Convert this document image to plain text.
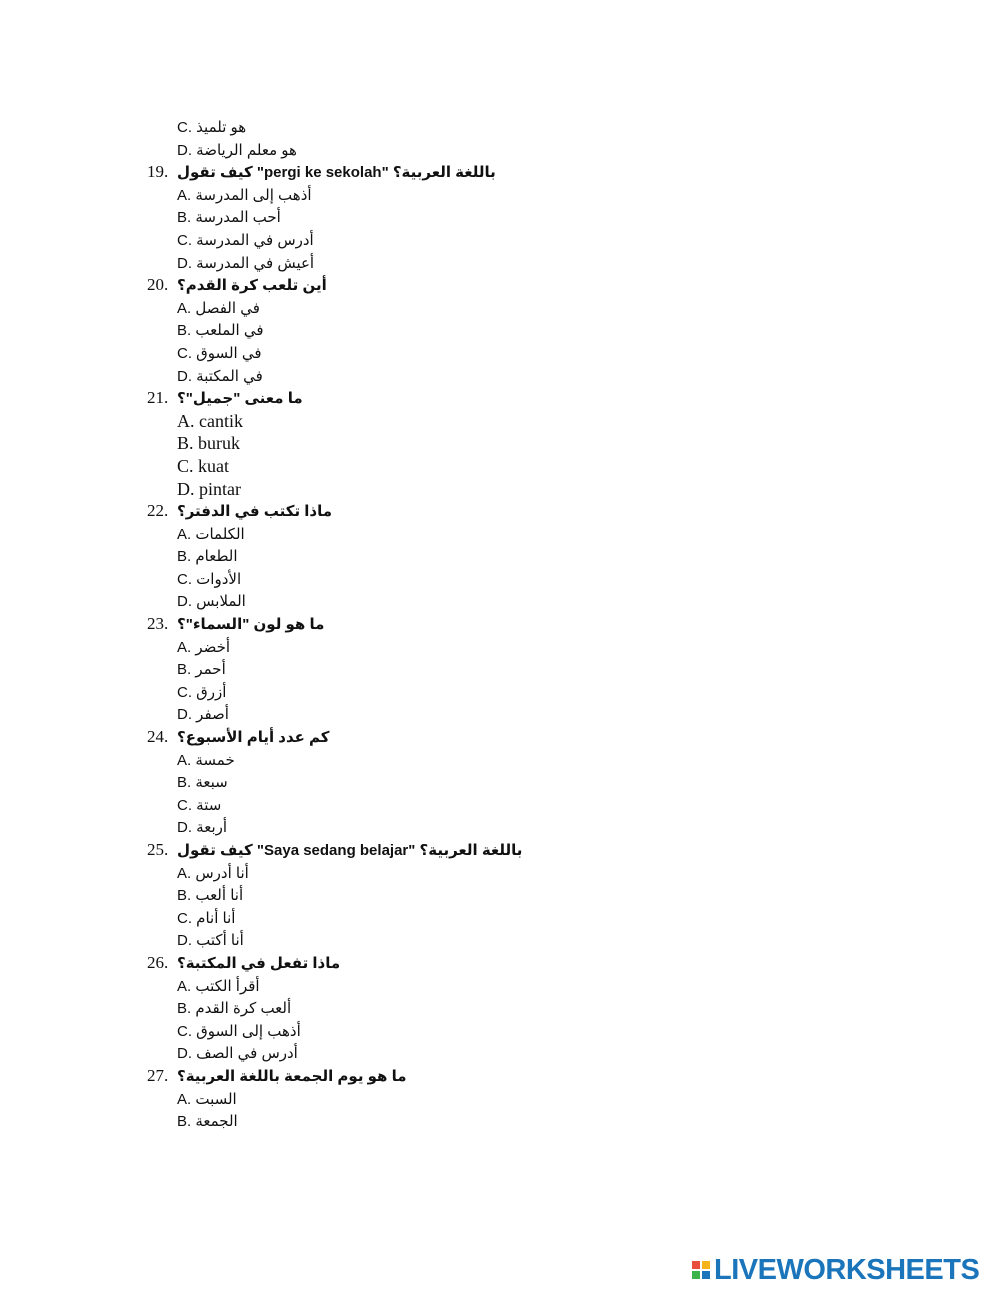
C. هو تلميذ
D. هو معلم الرياضة
19. كيف تقول "pergi ke sekolah" باللغة العربية؟
A. أذهب إلى المدرسة
B. أحب المدرسة
C. أدرس في المدرسة
D. أعيش في المدرسة
20. أين تلعب كرة القدم؟
A. في الفصل
B. في الملعب
C. في السوق
D. في المكتبة
21. ما معنى "جميل"؟
A. cantik
B. buruk
C. kuat
D. pintar
22. ماذا تكتب في الدفتر؟
A. الكلمات
B. الطعام
C. الأدوات
D. الملابس
23. ما هو لون "السماء"؟
A. أخضر
B. أحمر
C. أزرق
D. أصفر
24. كم عدد أيام الأسبوع؟
A. خمسة
B. سبعة
C. ستة
D. أربعة
25. كيف تقول "Saya sedang belajar" باللغة العربية؟
A. أنا أدرس
B. أنا ألعب
C. أنا أنام
D. أنا أكتب
26. ماذا تفعل في المكتبة؟
A. أقرأ الكتب
B. ألعب كرة القدم
C. أذهب إلى السوق
D. أدرس في الصف
27. ما هو يوم الجمعة باللغة العربية؟
A. السبت
B. الجمعة
LIVEWORKSHEETS
